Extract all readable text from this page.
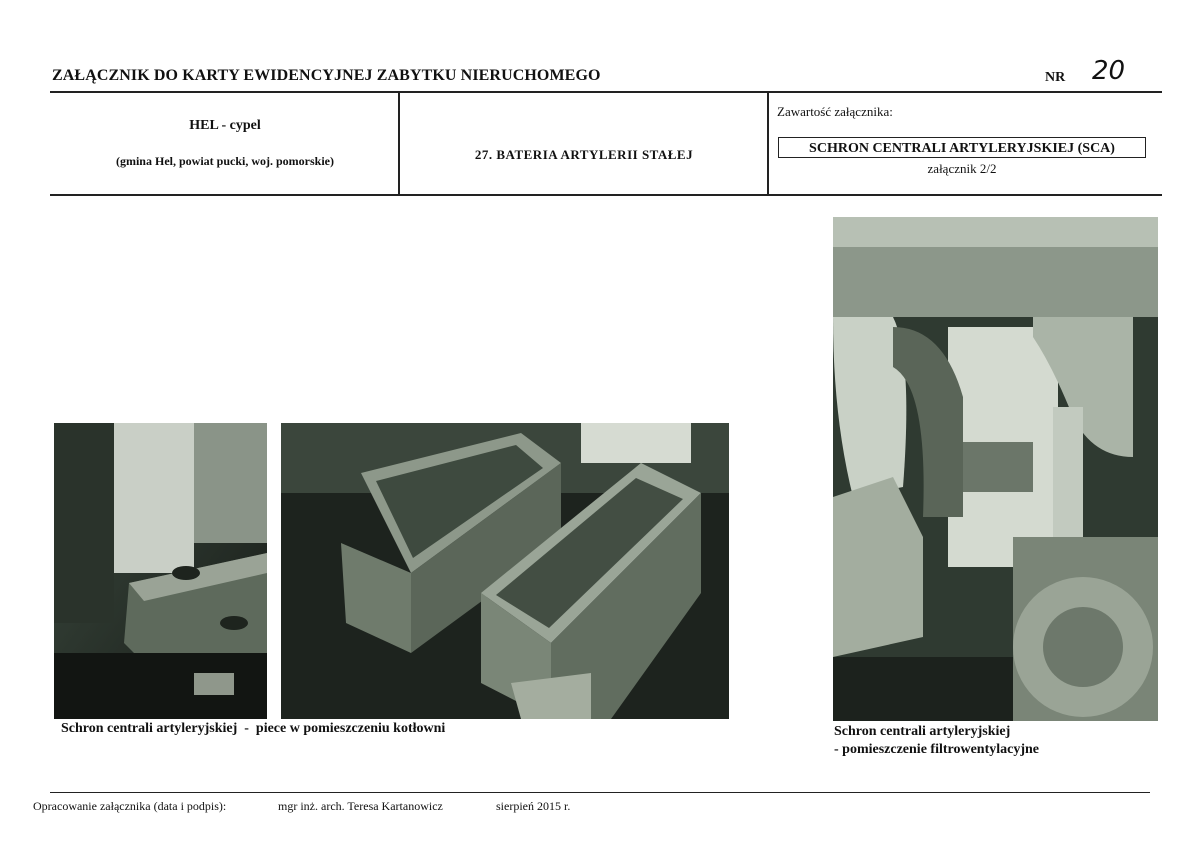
ZAŁĄCZNIK DO KARTY EWIDENCYJNEJ ZABYTKU NIERUCHOMEGO	NR 20
HEL - cypel
(gmina Hel, powiat pucki, woj. pomorskie)	27. BATERIA ARTYLERII STAŁEJ
Zawartość załącznika:
SCHRON CENTRALI ARTYLERYJSKIEJ (SCA)
załącznik 2/2
Schron centrali artyleryjskiej  -  piece w pomieszczeniu kotłowni	Schron centrali artyleryjskiej
- pomieszczenie filtrowentylacyjne
Opracowanie załącznika (data i podpis):	mgr inż. arch. Teresa Kartanowicz	sierpień 2015 r.
